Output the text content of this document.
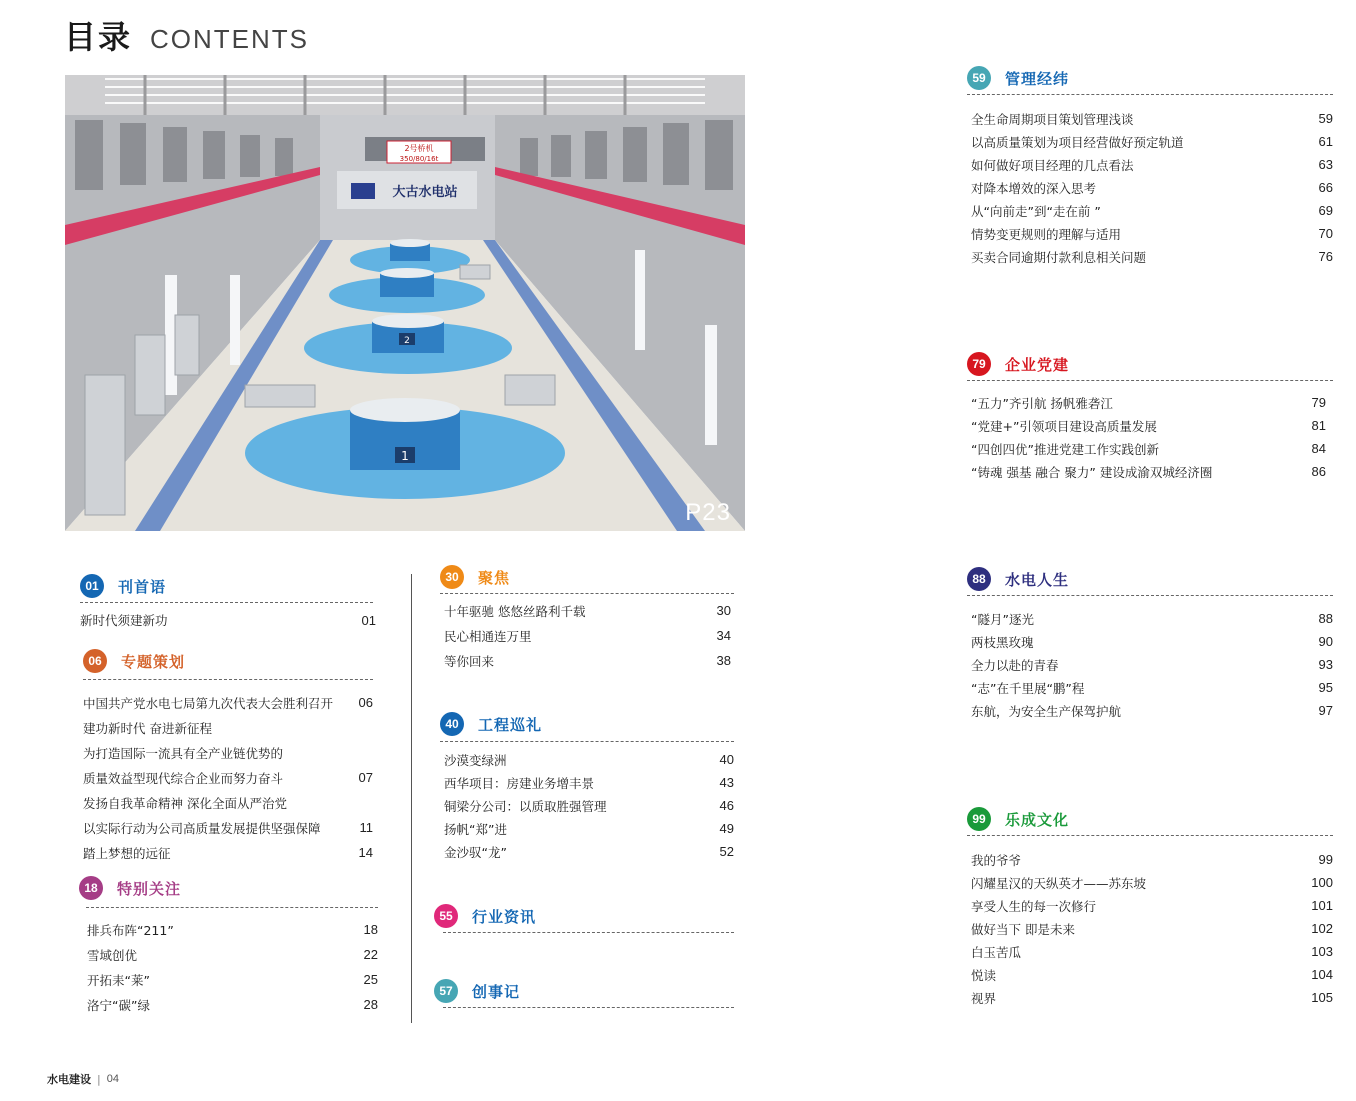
目录 CONTENTS
2号桥机
350/80/16t
大古水电站
1
2
P23
01	刊首语
新时代须建新功	01
06	专题策划
中国共产党水电七局第九次代表大会胜利召开 06
建功新时代 奋进新征程
为打造国际一流具有全产业链优势的
质量效益型现代综合企业而努力奋斗	07
发扬自我革命精神 深化全面从严治党
以实际行动为公司高质量发展提供坚强保障	11
踏上梦想的远征	14
18	特别关注
排兵布阵“211”	18
雪域创优	22
开拓耒“莱”	25
洛宁“碳”绿	28
30	聚焦
十年驱驰 悠悠丝路利千载	30
民心相通连万里	34
等你回来	38
40	工程巡礼
沙漠变绿洲	40
西华项目：房建业务增丰景	43
铜梁分公司：以质取胜强管理	46
扬帆“郑”进	49
金沙驭“龙”	52
55	行业资讯
57	创事记
59	管理经纬
全生命周期项目策划管理浅谈	59
以高质量策划为项目经营做好预定轨道	61
如何做好项目经理的几点看法	63
对降本增效的深入思考	66
从“向前走”到“走在前 ”	69
情势变更规则的理解与适用	70
买卖合同逾期付款利息相关问题	76
79	企业党建
“五力”齐引航 扬帆雅砻江	79
“党建+”引领项目建设高质量发展	81
“四创四优”推进党建工作实践创新	84
“铸魂 强基 融合 聚力” 建设成渝双城经济圈	86
88	水电人生
“隧月”逐光	88
两枝黑玫瑰	90
全力以赴的青春	93
“志”在千里展“鹏”程	95
东航，为安全生产保驾护航	97
99	乐成文化
我的爷爷	99
闪耀星汉的天纵英才——苏东坡	100
享受人生的每一次修行	101
做好当下 即是未来	102
白玉苦瓜	103
悦读	104
视界	105
水电建设 | 04
